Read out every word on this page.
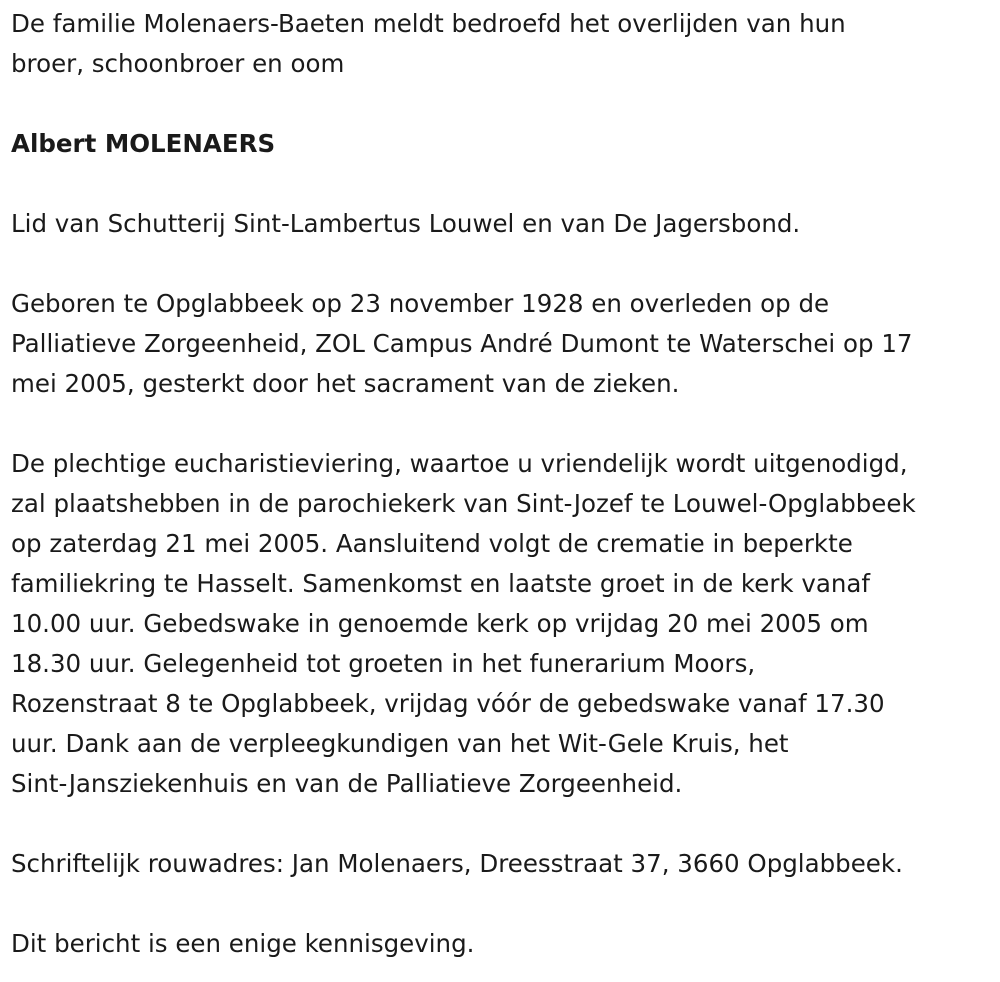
De familie Molenaers-Baeten meldt bedroefd het overlijden van hun
broer, schoonbroer en oom

Albert MOLENAERS

Lid van Schutterij Sint-Lambertus Louwel en van De Jagersbond.

Geboren te Opglabbeek op 23 november 1928 en overleden op de
Palliatieve Zorgeenheid, ZOL Campus André Dumont te Waterschei op 17
mei 2005, gesterkt door het sacrament van de zieken.

De plechtige eucharistieviering, waartoe u vriendelijk wordt uitgenodigd,
zal plaatshebben in de parochiekerk van Sint-Jozef te Louwel-Opglabbeek
op zaterdag 21 mei 2005. Aansluitend volgt de crematie in beperkte
familiekring te Hasselt. Samenkomst en laatste groet in de kerk vanaf
10.00 uur. Gebedswake in genoemde kerk op vrijdag 20 mei 2005 om
18.30 uur. Gelegenheid tot groeten in het funerarium Moors,
Rozenstraat 8 te Opglabbeek, vrijdag vóór de gebedswake vanaf 17.30
uur. Dank aan de verpleegkundigen van het Wit-Gele Kruis, het
Sint-Jansziekenhuis en van de Palliatieve Zorgeenheid.

Schriftelijk rouwadres: Jan Molenaers, Dreesstraat 37, 3660 Opglabbeek.

Dit bericht is een enige kennisgeving.
